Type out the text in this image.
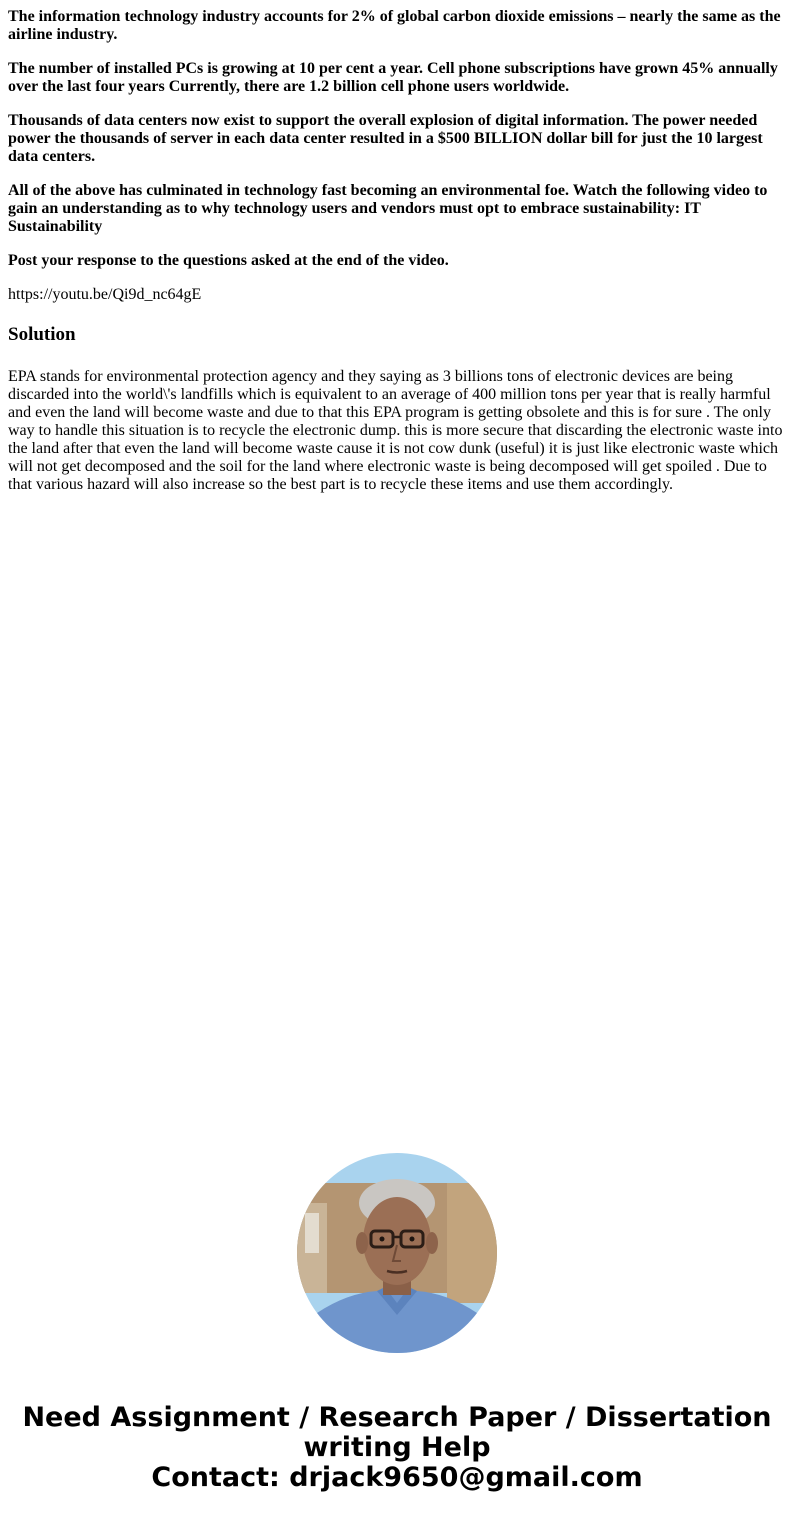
The information technology industry accounts for 2% of global carbon dioxide emissions – nearly the same as the airline industry.

The number of installed PCs is growing at 10 per cent a year. Cell phone subscriptions have grown 45% annually over the last four years Currently, there are 1.2 billion cell phone users worldwide.

Thousands of data centers now exist to support the overall explosion of digital information. The power needed power the thousands of server in each data center resulted in a $500 BILLION dollar bill for just the 10 largest data centers.

All of the above has culminated in technology fast becoming an environmental foe. Watch the following video to gain an understanding as to why technology users and vendors must opt to embrace sustainability: IT Sustainability

Post your response to the questions asked at the end of the video.

https://youtu.be/Qi9d_nc64gE

Solution

EPA stands for environmental protection agency and they saying as 3 billions tons of electronic devices are being discarded into the world\'s landfills which is equivalent to an average of 400 million tons per year that is really harmful and even the land will become waste and due to that this EPA program is getting obsolete and this is for sure . The only way to handle this situation is to recycle the electronic dump. this is more secure that discarding the electronic waste into the land after that even the land will become waste cause it is not cow dunk (useful) it is just like electronic waste which will not get decomposed and the soil for the land where electronic waste is being decomposed will get spoiled . Due to that various hazard will also increase so the best part is to recycle these items and use them accordingly.

Need Assignment / Research Paper / Dissertation
writing Help
Contact: drjack9650@gmail.com
